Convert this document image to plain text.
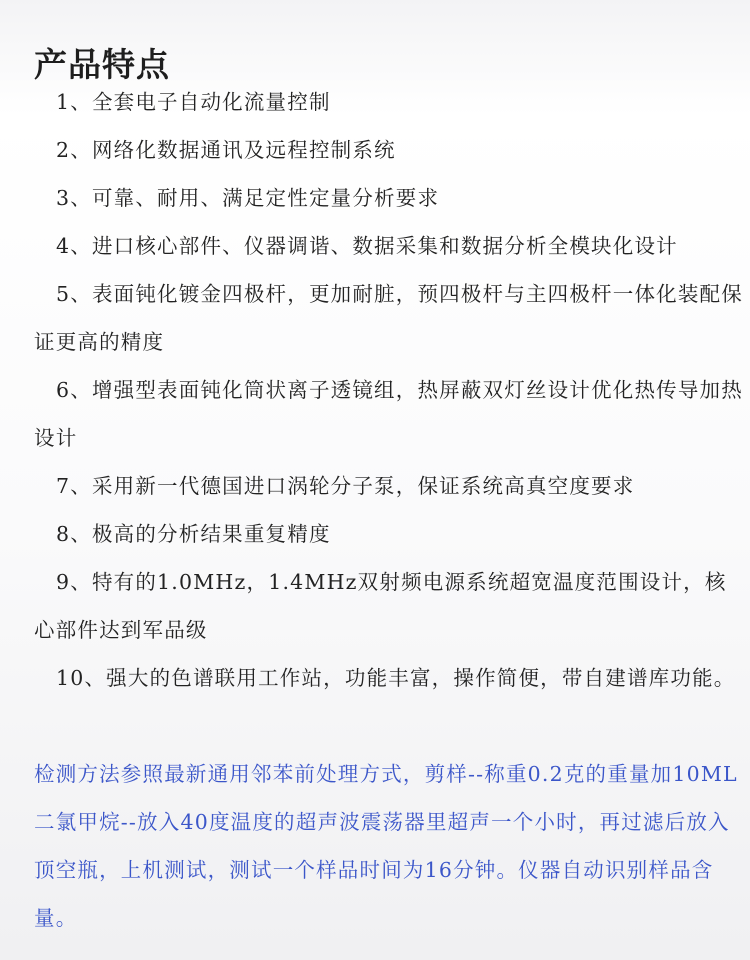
产品特点
1、全套电子自动化流量控制
2、网络化数据通讯及远程控制系统
3、可靠、耐用、满足定性定量分析要求
4、进口核心部件、仪器调谐、数据采集和数据分析全模块化设计
5、表面钝化镀金四极杆，更加耐脏，预四极杆与主四极杆一体化装配保证更高的精度
6、增强型表面钝化筒状离子透镜组，热屏蔽双灯丝设计优化热传导加热设计
7、采用新一代德国进口涡轮分子泵，保证系统高真空度要求
8、极高的分析结果重复精度
9、特有的1.0MHz，1.4MHz双射频电源系统超宽温度范围设计，核心部件达到军品级
10、强大的色谱联用工作站，功能丰富，操作简便，带自建谱库功能。

检测方法参照最新通用邻苯前处理方式，剪样--称重0.2克的重量加10ML二氯甲烷--放入40度温度的超声波震荡器里超声一个小时，再过滤后放入顶空瓶，上机测试，测试一个样品时间为16分钟。仪器自动识别样品含量。
